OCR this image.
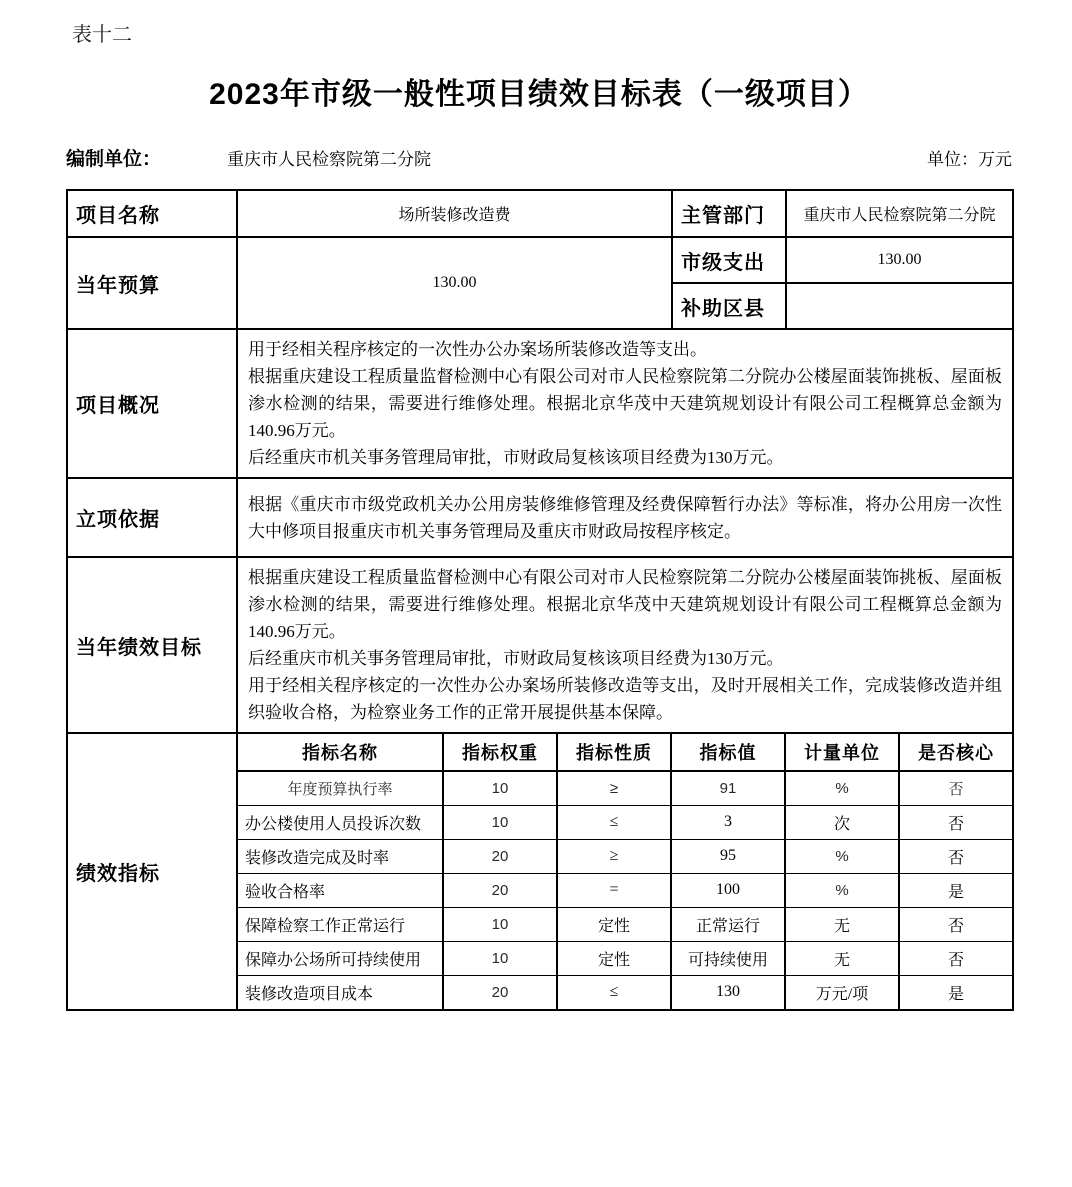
表十二
2023年市级一般性项目绩效目标表（一级项目）
编制单位：	重庆市人民检察院第二分院	单位：万元
项目名称	场所装修改造费	主管部门	重庆市人民检察院第二分院
当年预算	130.00	市级支出	130.00
补助区县	
项目概况	
用于经相关程序核定的一次性办公办案场所装修改造等支出。
根据重庆建设工程质量监督检测中心有限公司对市人民检察院第二分院办公楼屋面装饰挑板、屋面板渗水检测的结果，需要进行维修处理。根据北京华茂中天建筑规划设计有限公司工程概算总金额为140.96万元。
后经重庆市机关事务管理局审批，市财政局复核该项目经费为130万元。

立项依据	
根据《重庆市市级党政机关办公用房装修维修管理及经费保障暂行办法》等标准，将办公用房一次性大中修项目报重庆市机关事务管理局及重庆市财政局按程序核定。

当年绩效目标	
根据重庆建设工程质量监督检测中心有限公司对市人民检察院第二分院办公楼屋面装饰挑板、屋面板渗水检测的结果，需要进行维修处理。根据北京华茂中天建筑规划设计有限公司工程概算总金额为140.96万元。
后经重庆市机关事务管理局审批，市财政局复核该项目经费为130万元。
用于经相关程序核定的一次性办公办案场所装修改造等支出，及时开展相关工作，完成装修改造并组织验收合格，为检察业务工作的正常开展提供基本保障。

绩效指标	
指标名称	指标权重	指标性质	指标值	计量单位	是否核心
年度预算执行率	10	≥	91	%	否
办公楼使用人员投诉次数	10	≤	3	次	否
装修改造完成及时率	20	≥	95	%	否
验收合格率	20	=	100	%	是
保障检察工作正常运行	10	定性	正常运行	无	否
保障办公场所可持续使用	10	定性	可持续使用	无	否
装修改造项目成本	20	≤	130	万元/项	是
